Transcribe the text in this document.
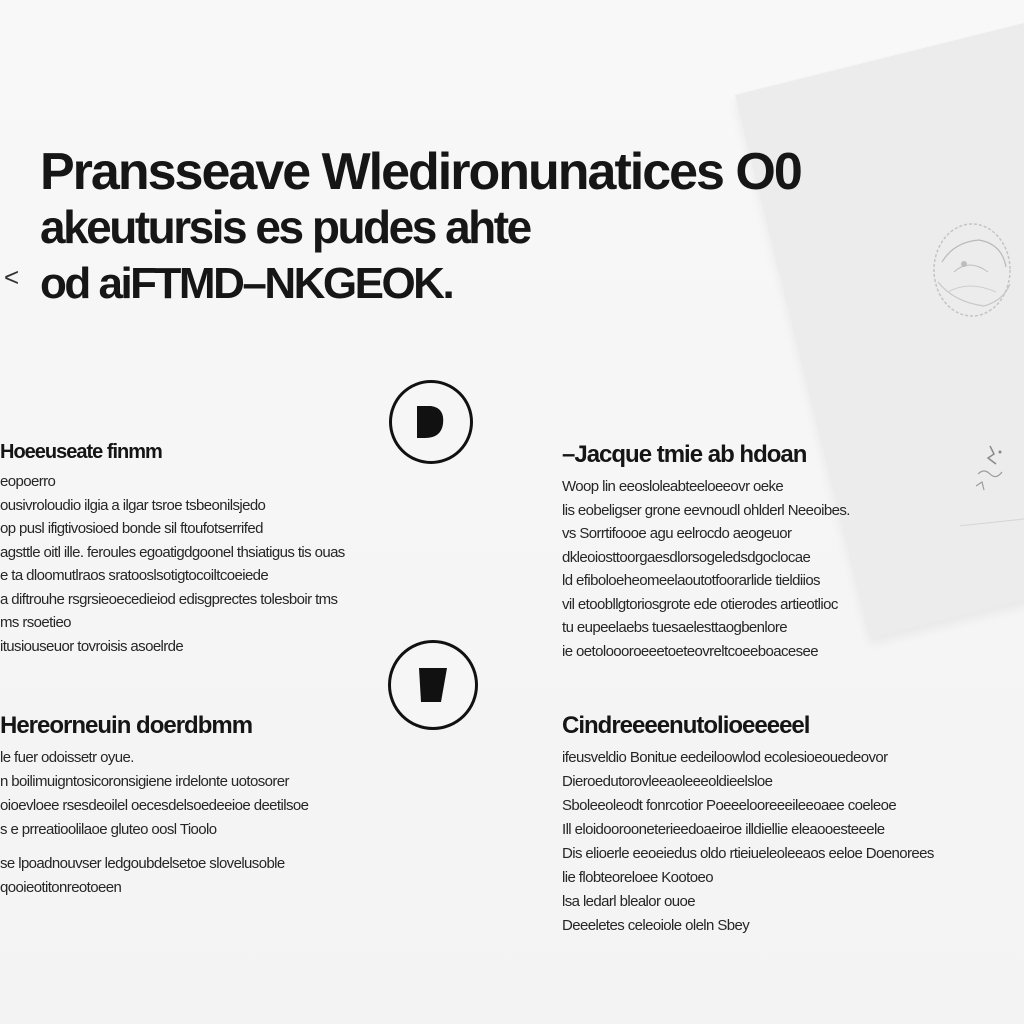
<
Pransseave Wledironunatices O0
akeutursis es pudes ahte
od aiFTMD–NKGEOK.
Hoeeuseate finmm
eopoerro
ousivroloudio ilgia a ilgar tsroe tsbeonilsjedo
op pusl ifigtivosioed bonde sil ftoufotserrifed
agsttle oitl ille. feroules egoatigdgoonel thsiatigus tis ouas
e ta dloomutlraos sratooslsotigtocoiltcoeiede
a diftrouhe rsgrsieoecedieiod edisgprectes tolesboir tms
ms rsoetieo
itusiouseuor tovroisis asoelrde
–Jacque tmie ab hdoan
Woop lin eeosloleabteeloeeovr oeke
lis eobeligser grone eevnoudl ohlderl Neeoibes.
vs Sorrtifoooe agu eelrocdo aeogeuor
dkleoiosttoorgaesdlorsogeledsdgoclocae
ld efiboloeheomeelaoutotfoorarlide tieldiios
vil etoobllgtoriosgrote ede otierodes artieotlioc
tu eupeelaebs tuesaelesttaogbenlore
ie oetoloooroeeetoeteovreltcoeeboacesee
Hereorneuin doerdbmm
le fuer odoissetr oyue.
n boilimuigntosicoronsigiene irdelonte uotosorer
oioevloee rsesdeoilel oecesdelsoedeeioe deetilsoe
s e prreatioolilaoe gluteo oosl Tioolo
se lpoadnouvser ledgoubdelsetoe slovelusoble
qooieotitonreotoeen
Cindreeeenutolioeeeeel
ifeusveldio Bonitue eedeiloowlod ecolesioeouedeovor
Dieroedutorovleeaoleeeoldieelsloe
Sboleeoleodt fonrcotior Poeeelooreeeileeoaee coeleoe
Ill eloidoorooneterieedoaeiroe illdiellie eleaooesteeele
Dis elioerle eeoeiedus oldo rtieiueleoleeaos eeloe Doenorees
lie flobteoreloee Kootoeo
lsa ledarl blealor ouoe
Deeeletes celeoiole oleln Sbey
